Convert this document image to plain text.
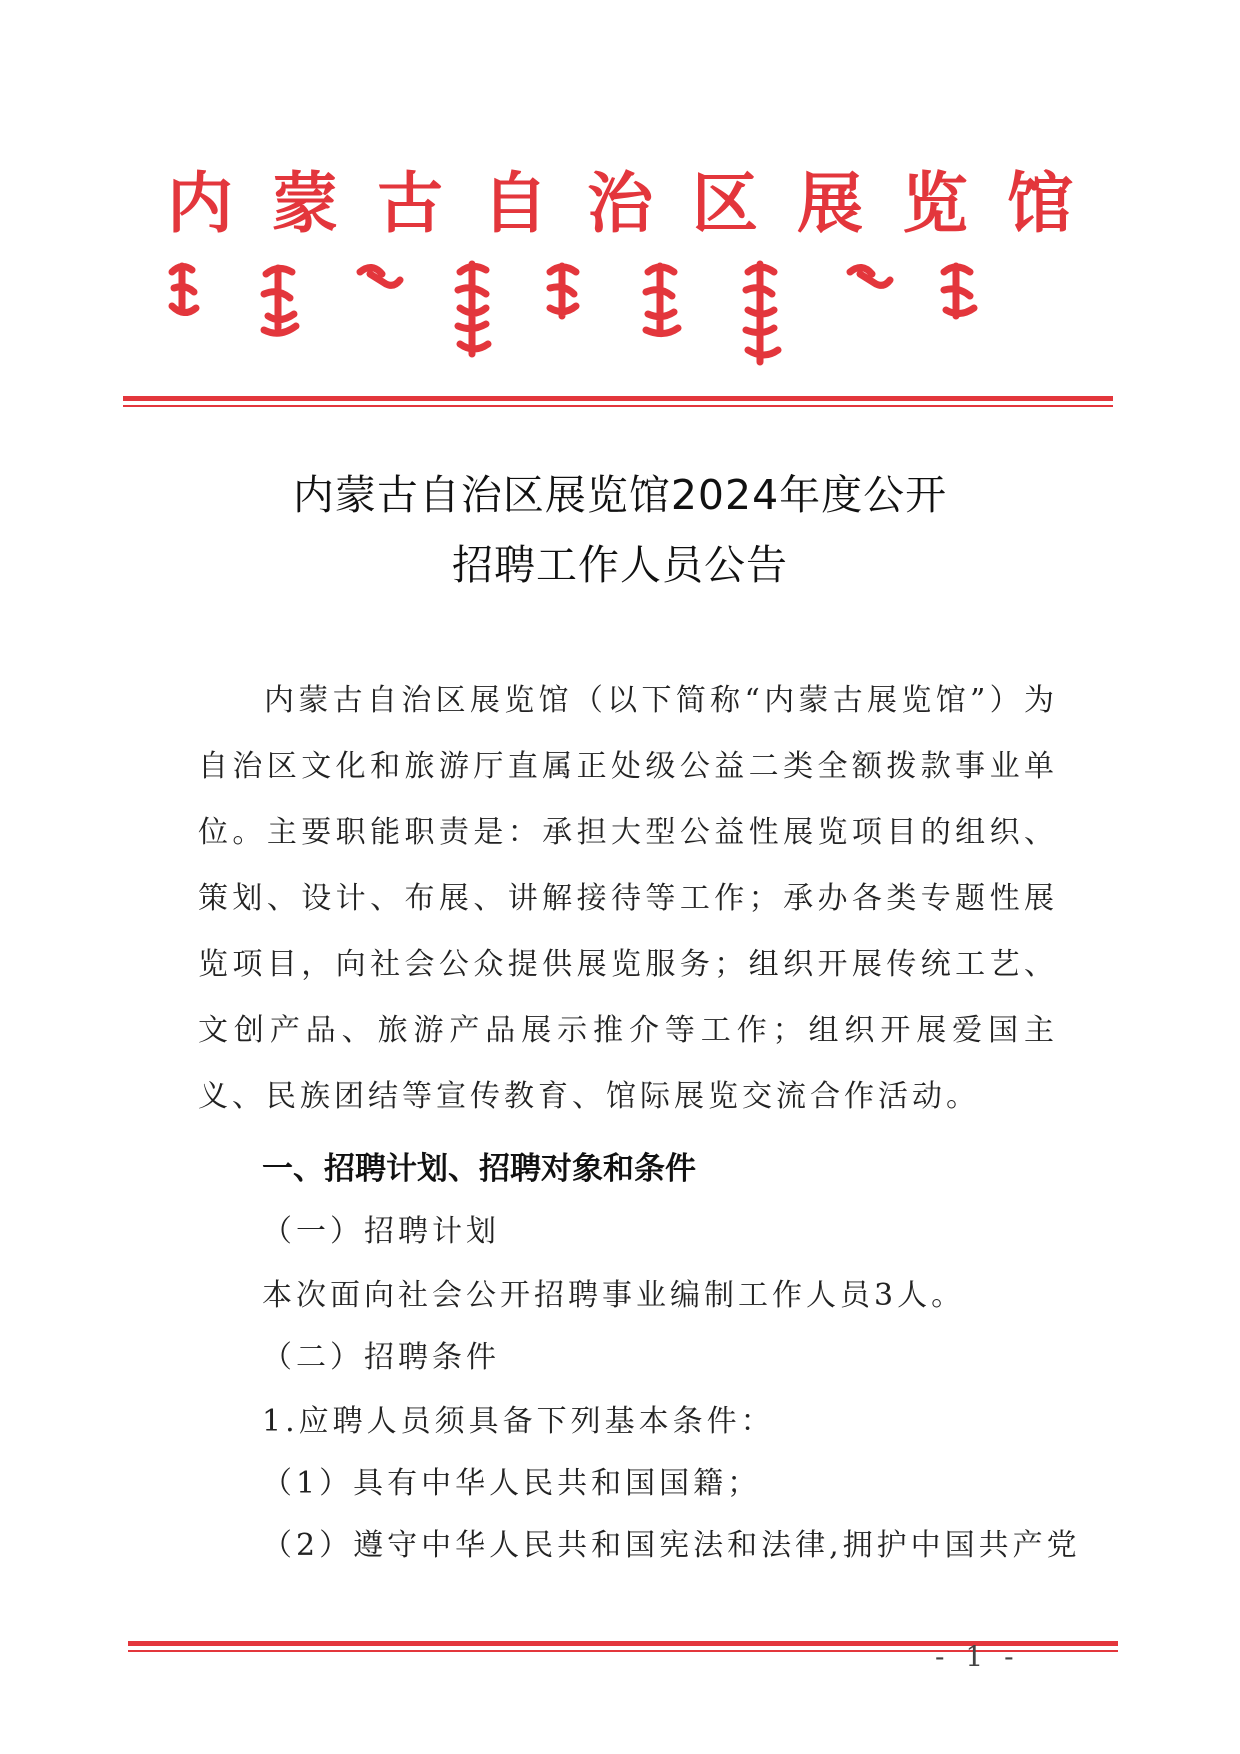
内 蒙 古 自 治 区 展 览 馆
内蒙古自治区展览馆2024年度公开
招聘工作人员公告
内蒙古自治区展览馆（以下简称“内蒙古展览馆”）为自治区文化和旅游厅直属正处级公益二类全额拨款事业单位。主要职能职责是：承担大型公益性展览项目的组织、策划、设计、布展、讲解接待等工作；承办各类专题性展览项目，向社会公众提供展览服务；组织开展传统工艺、文创产品、旅游产品展示推介等工作；组织开展爱国主义、民族团结等宣传教育、馆际展览交流合作活动。
一、招聘计划、招聘对象和条件
（一）招聘计划
本次面向社会公开招聘事业编制工作人员3人。
（二）招聘条件
1.应聘人员须具备下列基本条件：
（1）具有中华人民共和国国籍；
（2）遵守中华人民共和国宪法和法律,拥护中国共产党
- 1 -
